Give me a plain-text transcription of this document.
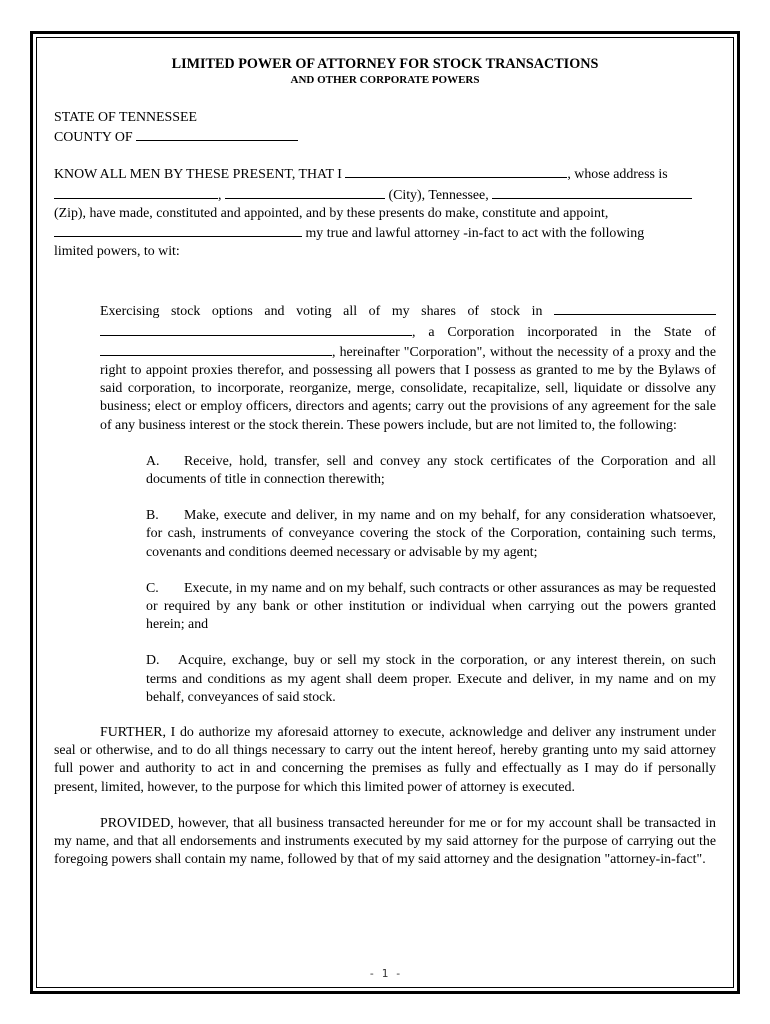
LIMITED POWER OF ATTORNEY FOR STOCK TRANSACTIONS

AND OTHER CORPORATE POWERS

STATE OF TENNESSEE

COUNTY OF

KNOW ALL MEN BY THESE PRESENT, THAT I	, whose address is
,	(City), Tennessee,
(Zip), have made, constituted and appointed, and by these presents do make, constitute and appoint,
my true and lawful attorney -in-fact to act with the following
limited powers, to wit:
Exercising stock options and voting all of my shares of stock in  , a Corporation incorporated in the State of , hereinafter "Corporation", without the necessity of a proxy and the right to appoint proxies therefor, and possessing all powers that I possess as granted to me by the Bylaws of said corporation, to incorporate, reorganize, merge, consolidate, recapitalize, sell, liquidate or dissolve any business; elect or employ officers, directors and agents; carry out the provisions of any agreement for the sale of any business interest or the stock therein. These powers include, but are not limited to, the following:
A. Receive, hold, transfer, sell and convey any stock certificates of the Corporation and all documents of title in connection therewith;
B. Make, execute and deliver, in my name and on my behalf, for any consideration whatsoever, for cash, instruments of conveyance covering the stock of the Corporation, containing such terms, covenants and conditions deemed necessary or advisable by my agent;
C. Execute, in my name and on my behalf, such contracts or other assurances as may be requested or required by any bank or other institution or individual when carrying out the powers granted herein; and
D. Acquire, exchange, buy or sell my stock in the corporation, or any interest therein, on such terms and conditions as my agent shall deem proper. Execute and deliver, in my name and on my behalf, conveyances of said stock.

FURTHER, I do authorize my aforesaid attorney to execute, acknowledge and deliver any instrument under seal or otherwise, and to do all things necessary to carry out the intent hereof, hereby granting unto my said attorney full power and authority to act in and concerning the premises as fully and effectually as I may do if personally present, limited, however, to the purpose for which this limited power of attorney is executed.

PROVIDED, however, that all business transacted hereunder for me or for my account shall be transacted in my name, and that all endorsements and instruments executed by my said attorney for the purpose of carrying out the foregoing powers shall contain my name, followed by that of my said attorney and the designation "attorney-in-fact".

- 1 -
